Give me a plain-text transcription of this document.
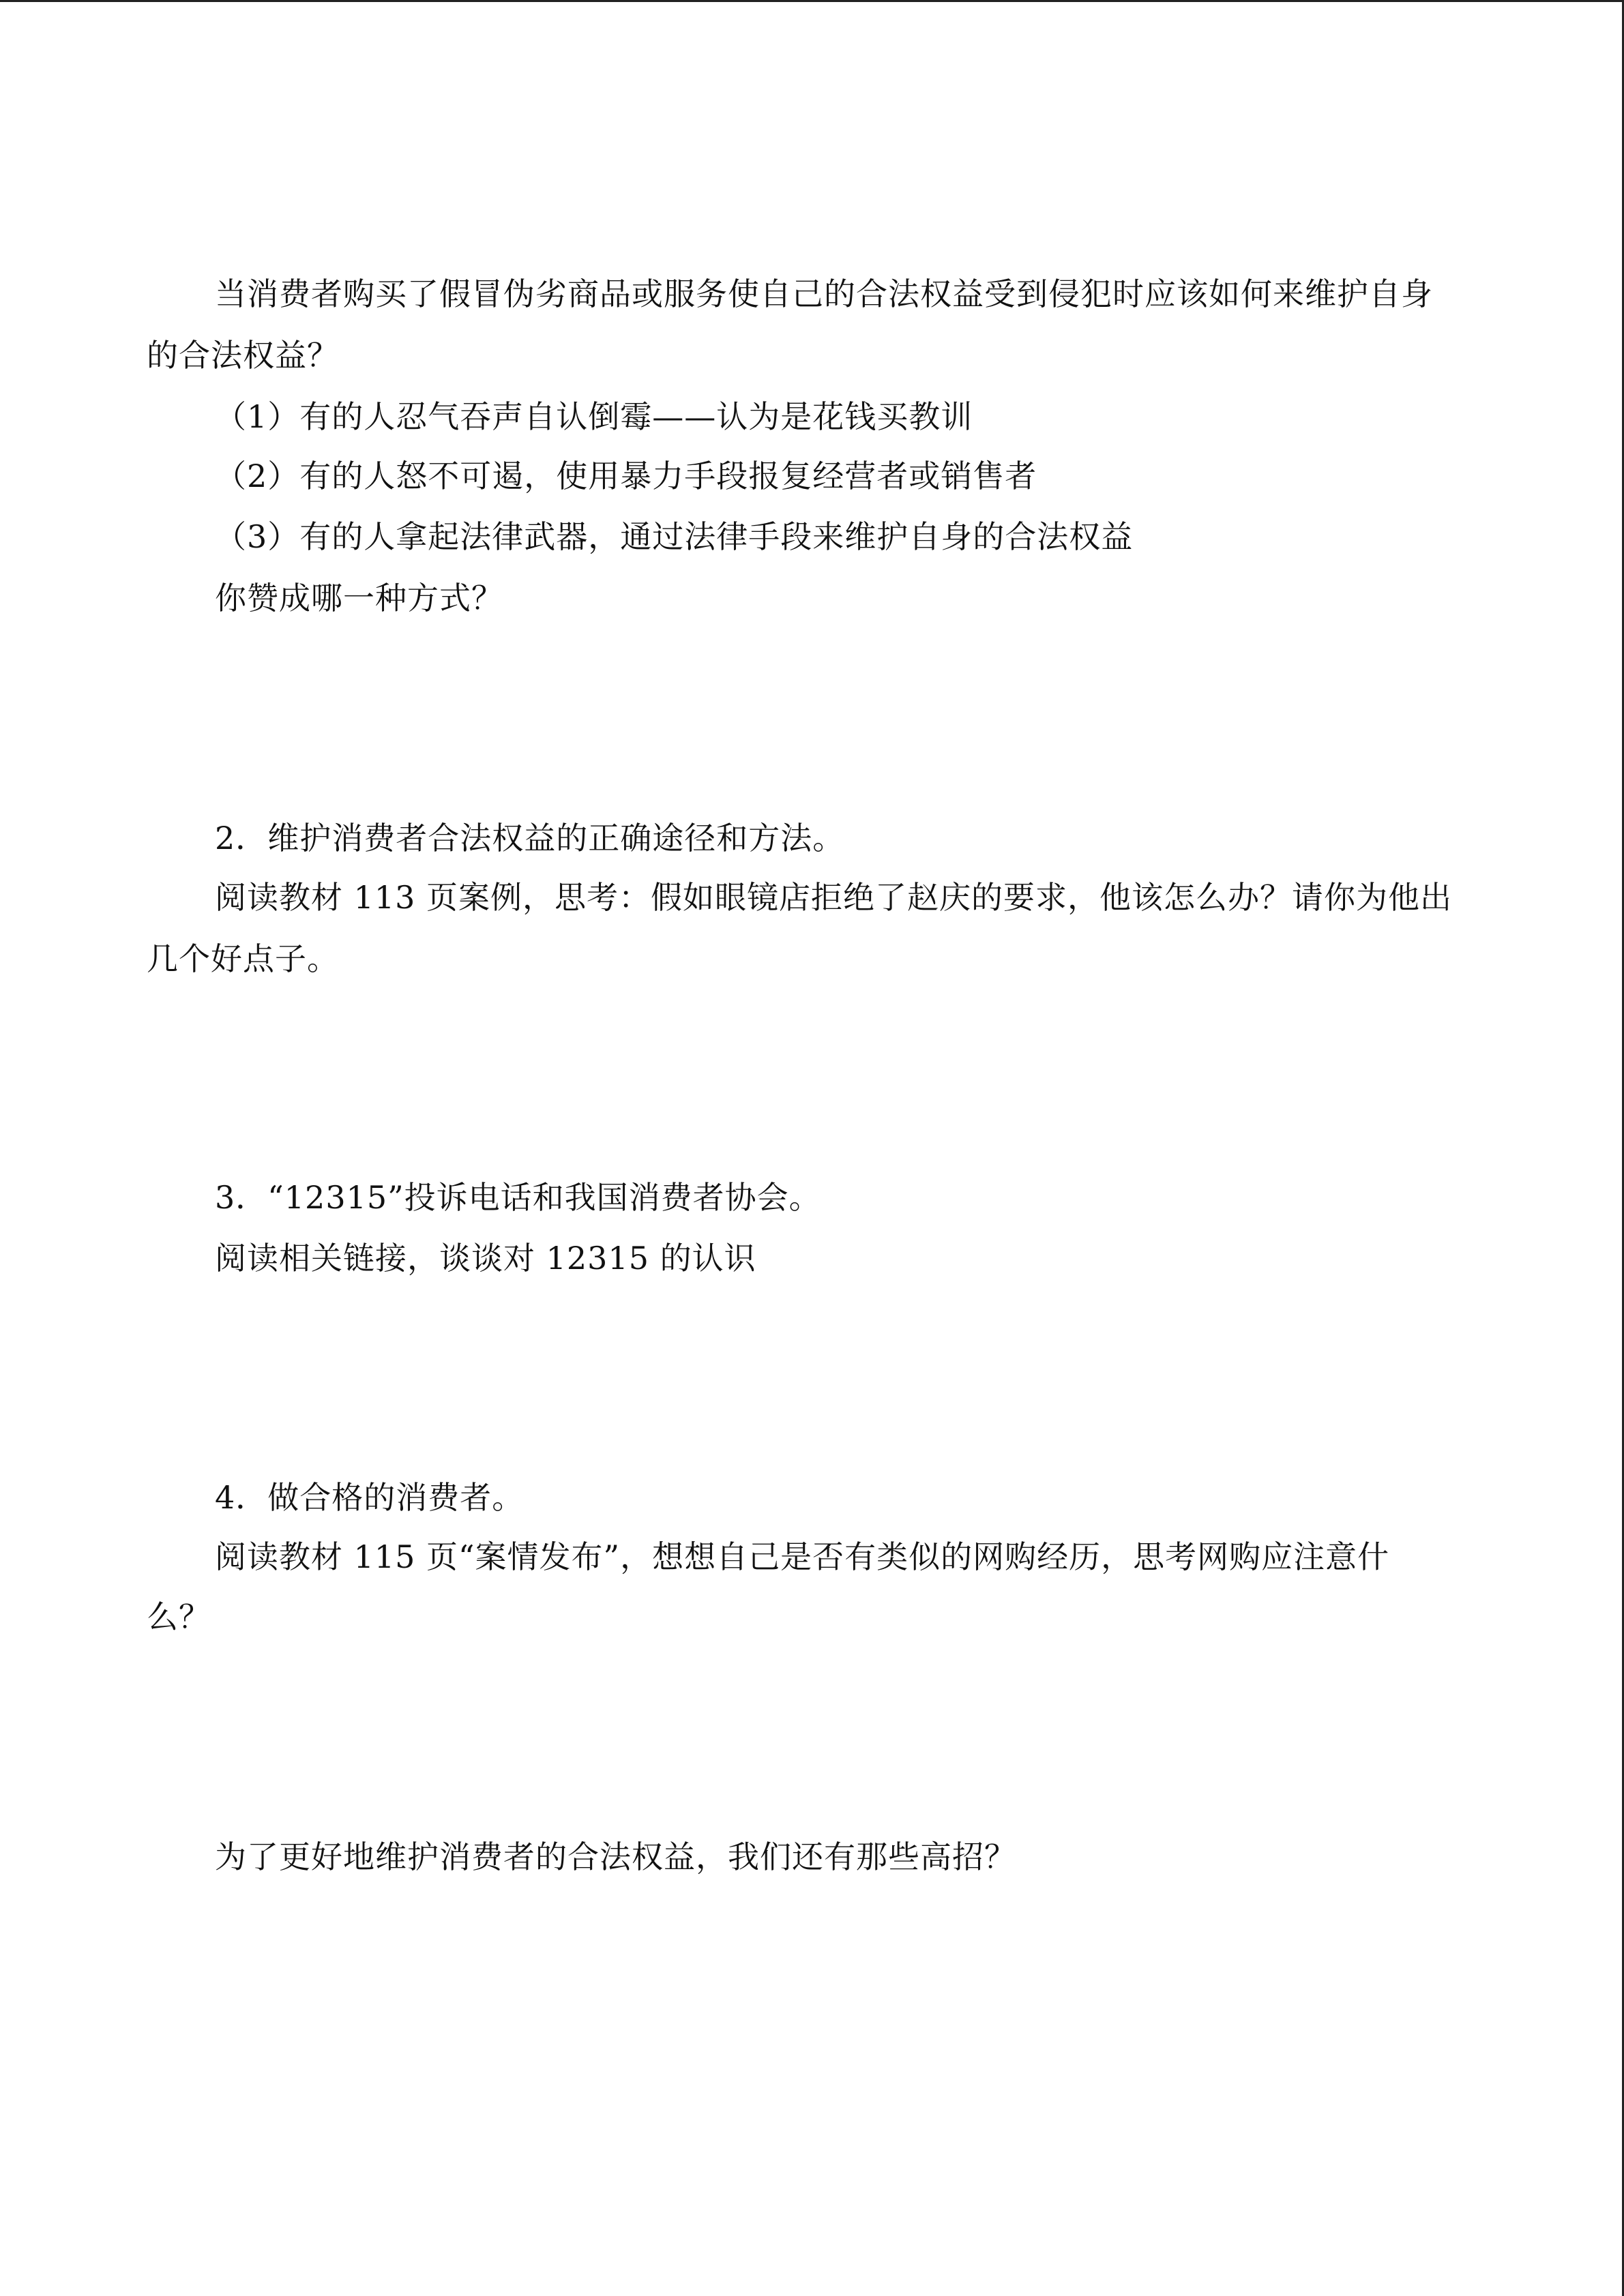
当消费者购买了假冒伪劣商品或服务使自己的合法权益受到侵犯时应该如何来维护自身
的合法权益？
（1）有的人忍气吞声自认倒霉——认为是花钱买教训
（2）有的人怒不可遏，使用暴力手段报复经营者或销售者
（3）有的人拿起法律武器，通过法律手段来维护自身的合法权益
你赞成哪一种方式？
2．维护消费者合法权益的正确途径和方法。
阅读教材 113 页案例，思考：假如眼镜店拒绝了赵庆的要求，他该怎么办？请你为他出
几个好点子。
3．“12315”投诉电话和我国消费者协会。
阅读相关链接，谈谈对 12315 的认识
4．做合格的消费者。
阅读教材 115 页“案情发布”，想想自己是否有类似的网购经历，思考网购应注意什
么？
为了更好地维护消费者的合法权益，我们还有那些高招？
